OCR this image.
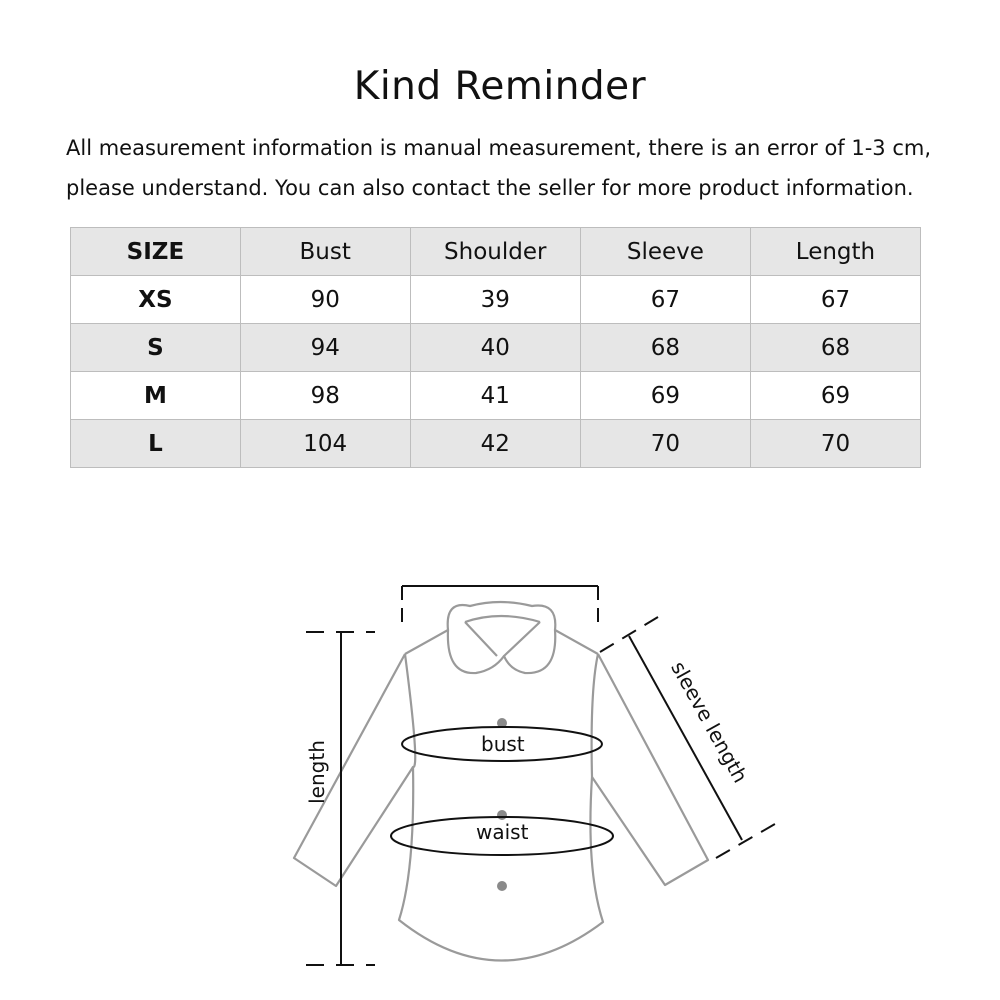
Kind Reminder

All measurement information is manual measurement, there is an error of 1-3 cm,

please understand. You can also contact the seller for more product information.

SIZE	Bust	Shoulder	Sleeve	Length
XS	90	39	67	67
S	94	40	68	68
M	98	41	69	69
L	104	42	70	70
bust
waist
length	sleeve length
